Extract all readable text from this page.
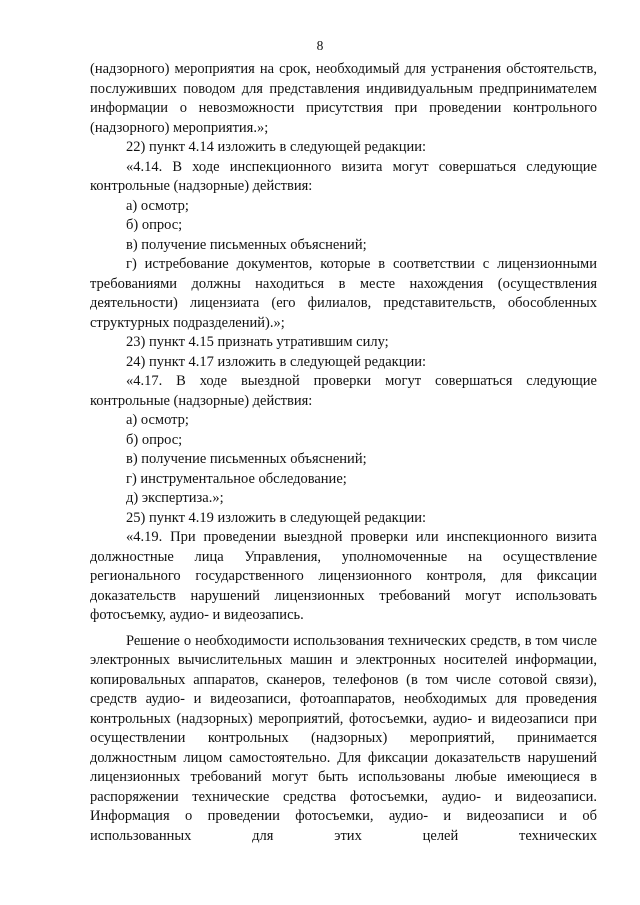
8

(надзорного) мероприятия на срок, необходимый для устранения обстоятельств, послуживших поводом для представления индивидуальным предпринимателем информации о невозможности присутствия при проведении контрольного (надзорного) мероприятия.»;

22) пункт 4.14 изложить в следующей редакции:

«4.14. В ходе инспекционного визита могут совершаться следующие контрольные (надзорные) действия:

а) осмотр;

б) опрос;

в) получение письменных объяснений;

г) истребование документов, которые в соответствии с лицензионными требованиями должны находиться в месте нахождения (осуществления деятельности) лицензиата (его филиалов, представительств, обособленных структурных подразделений).»;

23) пункт 4.15 признать утратившим силу;

24) пункт 4.17 изложить в следующей редакции:

«4.17. В ходе выездной проверки могут совершаться следующие контрольные (надзорные) действия:

а) осмотр;

б) опрос;

в) получение письменных объяснений;

г) инструментальное обследование;

д) экспертиза.»;

25) пункт 4.19 изложить в следующей редакции:

«4.19. При проведении выездной проверки или инспекционного визита должностные лица Управления, уполномоченные на осуществление регионального государственного лицензионного контроля, для фиксации доказательств нарушений лицензионных требований могут использовать фотосъемку, аудио- и видеозапись.

Решение о необходимости использования технических средств, в том числе электронных вычислительных машин и электронных носителей информации, копировальных аппаратов, сканеров, телефонов (в том числе сотовой связи), средств аудио- и видеозаписи, фотоаппаратов, необходимых для проведения контрольных (надзорных) мероприятий, фотосъемки, аудио- и видеозаписи при осуществлении контрольных (надзорных) мероприятий, принимается должностным лицом самостоятельно. Для фиксации доказательств нарушений лицензионных требований могут быть использованы любые имеющиеся в распоряжении технические средства фотосъемки, аудио- и видеозаписи. Информация о проведении фотосъемки, аудио- и видеозаписи и об использованных для этих целей технических
